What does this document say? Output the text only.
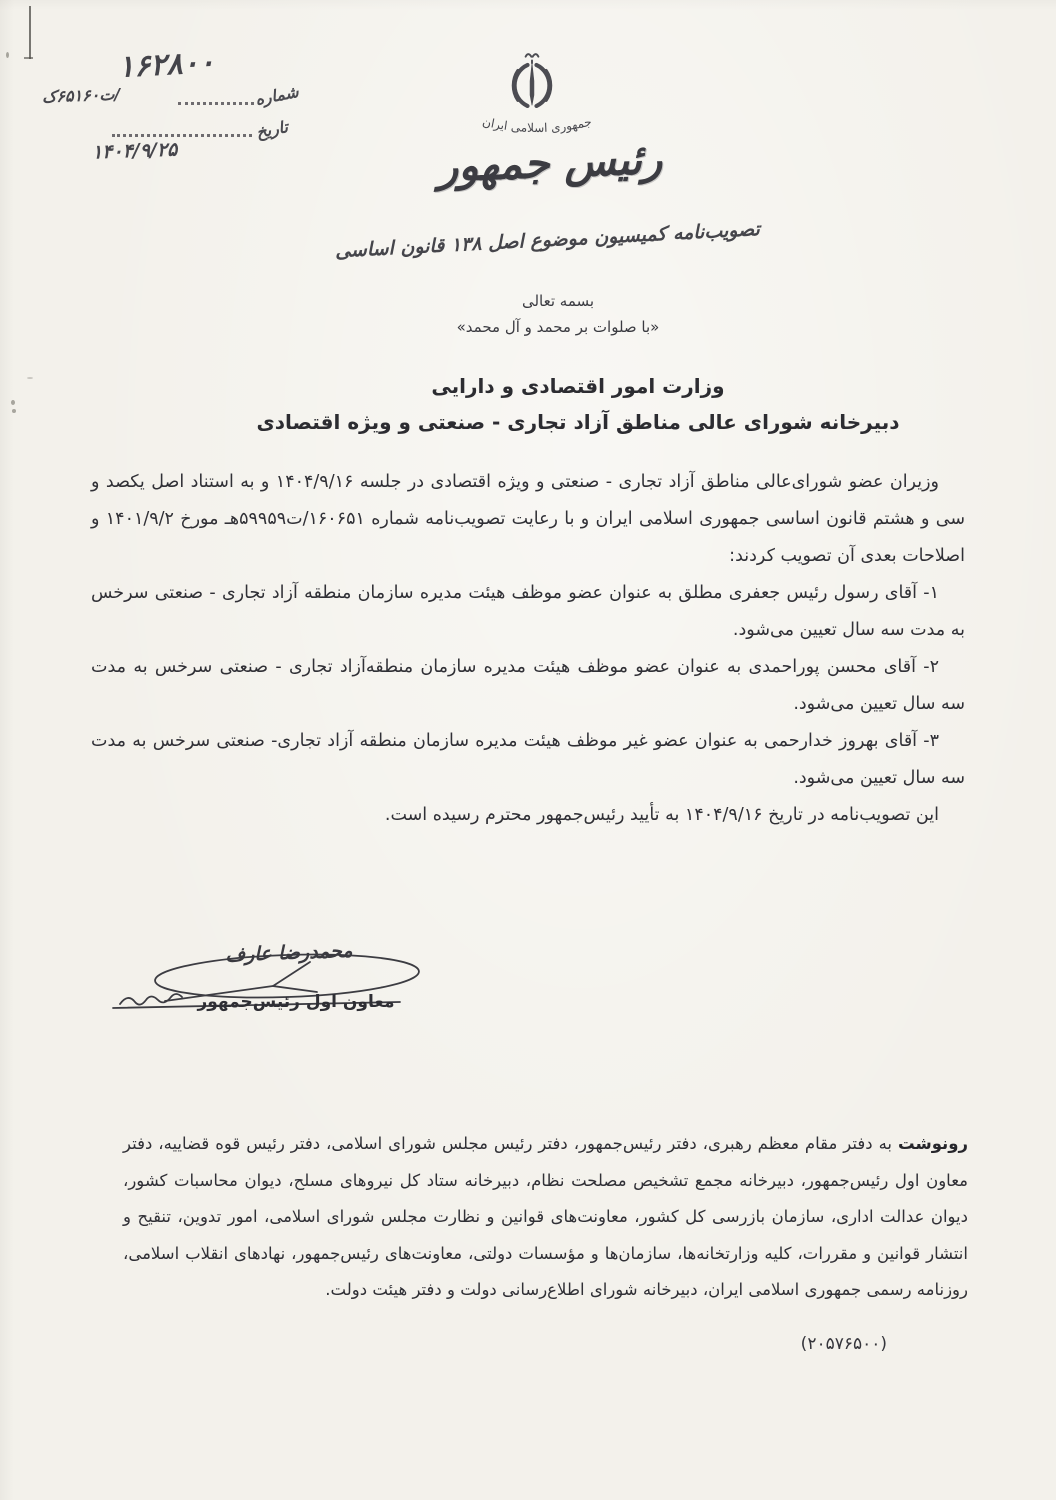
۱۶۲۸۰۰
شماره
/ت۶۵۱۶۰ک
تاریخ
۱۴۰۴/۹/۲۵
جمهوری اسلامی ایران
رئیس جمهور
تصویب‌نامه کمیسیون موضوع اصل ۱۳۸ قانون اساسی
بسمه تعالی
«با صلوات بر محمد و آل محمد»
وزارت امور اقتصادی و دارایی
دبیرخانه شورای عالی مناطق آزاد تجاری - صنعتی و ویژه اقتصادی

وزیران عضو شورای‌عالی مناطق آزاد تجاری - صنعتی و ویژه اقتصادی در جلسه ۱۴۰۴/۹/۱۶ و به استناد اصل یکصد و سی و هشتم قانون اساسی جمهوری اسلامی ایران و با رعایت تصویب‌نامه شماره ۱۶۰۶۵۱/ت۵۹۹۵۹هـ مورخ ۱۴۰۱/۹/۲ و اصلاحات بعدی آن تصویب کردند:

۱- آقای رسول رئیس جعفری مطلق به عنوان عضو موظف هیئت مدیره سازمان منطقه آزاد تجاری - صنعتی سرخس به مدت سه سال تعیین می‌شود.

۲- آقای محسن پوراحمدی به عنوان عضو موظف هیئت مدیره سازمان منطقه‌آزاد تجاری - صنعتی سرخس به مدت سه سال تعیین می‌شود.

۳- آقای بهروز خدارحمی به عنوان عضو غیر موظف هیئت مدیره سازمان منطقه آزاد تجاری- صنعتی سرخس به مدت سه سال تعیین می‌شود.

این تصویب‌نامه در تاریخ ۱۴۰۴/۹/۱۶ به تأیید رئیس‌جمهور محترم رسیده است.

محمدرضا عارف
معاون اول رئیس‌جمهور

رونوشت به دفتر مقام معظم رهبری، دفتر رئیس‌جمهور، دفتر رئیس مجلس شورای اسلامی، دفتر رئیس قوه قضاییه، دفتر معاون اول رئیس‌جمهور، دبیرخانه مجمع تشخیص مصلحت نظام، دبیرخانه ستاد کل نیروهای مسلح، دیوان محاسبات کشور، دیوان عدالت اداری، سازمان بازرسی کل کشور، معاونت‌های قوانین و نظارت مجلس شورای اسلامی، امور تدوین، تنقیح و انتشار قوانین و مقررات، کلیه وزارتخانه‌ها، سازمان‌ها و مؤسسات دولتی، معاونت‌های رئیس‌جمهور، نهادهای انقلاب اسلامی، روزنامه رسمی جمهوری اسلامی ایران، دبیرخانه شورای اطلاع‌رسانی دولت و دفتر هیئت دولت.

(۲۰۵۷۶۵۰۰)
